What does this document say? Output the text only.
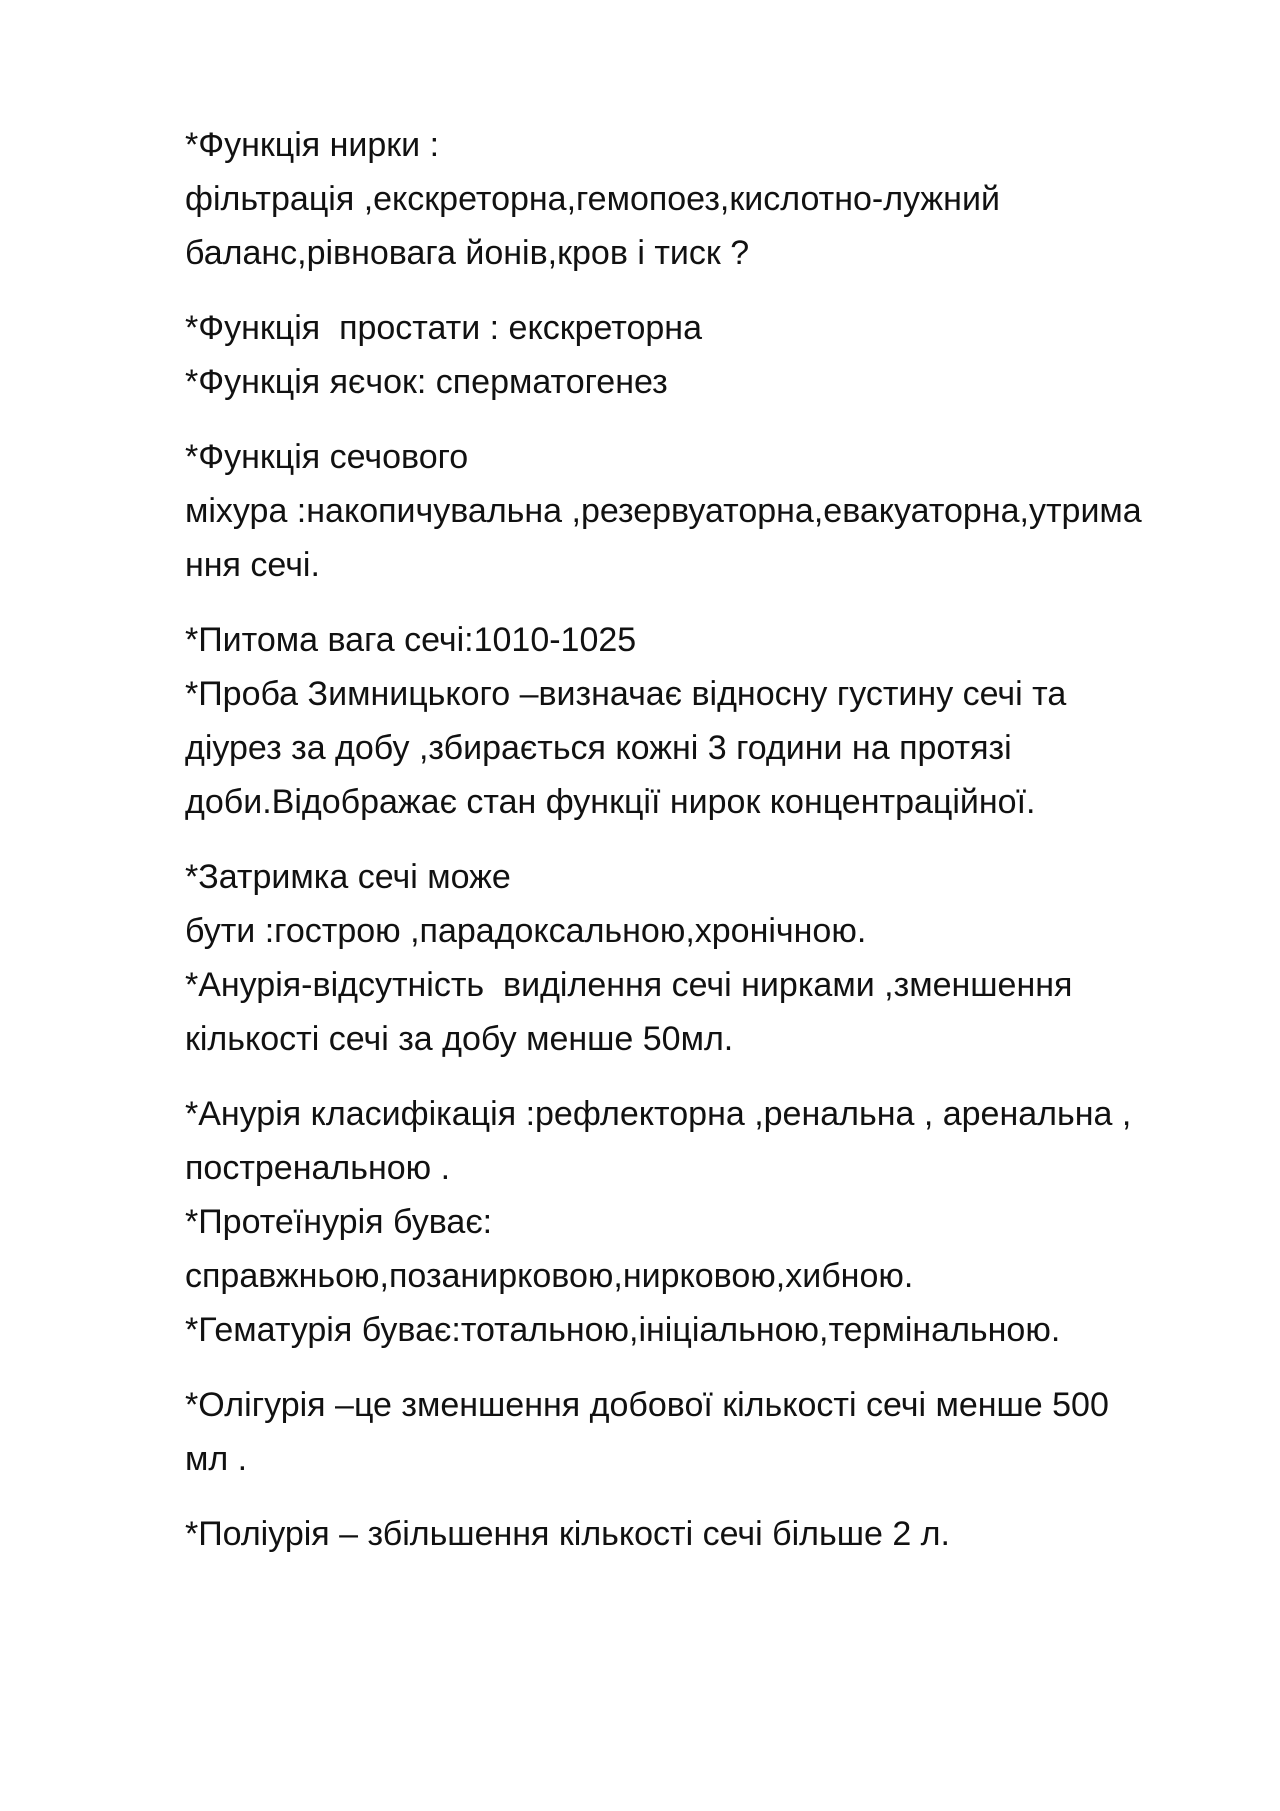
*Функція нирки :
фільтрація ,екскреторна,гемопоез,кислотно-лужний
баланс,рівновага йонів,кров і тиск ?
*Функція  простати : екскреторна
*Функція яєчок: сперматогенез
*Функція сечового
міхура :накопичувальна ,резервуаторна,евакуаторна,утрима
ння сечі.
*Питома вага сечі:1010-1025
*Проба Зимницького –визначає відносну густину сечі та
діурез за добу ,збирається кожні 3 години на протязі
доби.Відображає стан функції нирок концентраційної.
*Затримка сечі може
бути :гострою ,парадоксальною,хронічною.
*Анурія-відсутність  виділення сечі нирками ,зменшення
кількості сечі за добу менше 50мл.
*Анурія класифікація :рефлекторна ,ренальна , аренальна ,
постренальною .
*Протеїнурія буває:
справжньою,позанирковою,нирковою,хибною.
*Гематурія буває:тотальною,ініціальною,термінальною.
*Олігурія –це зменшення добової кількості сечі менше 500
мл .
*Поліурія – збільшення кількості сечі більше 2 л.
